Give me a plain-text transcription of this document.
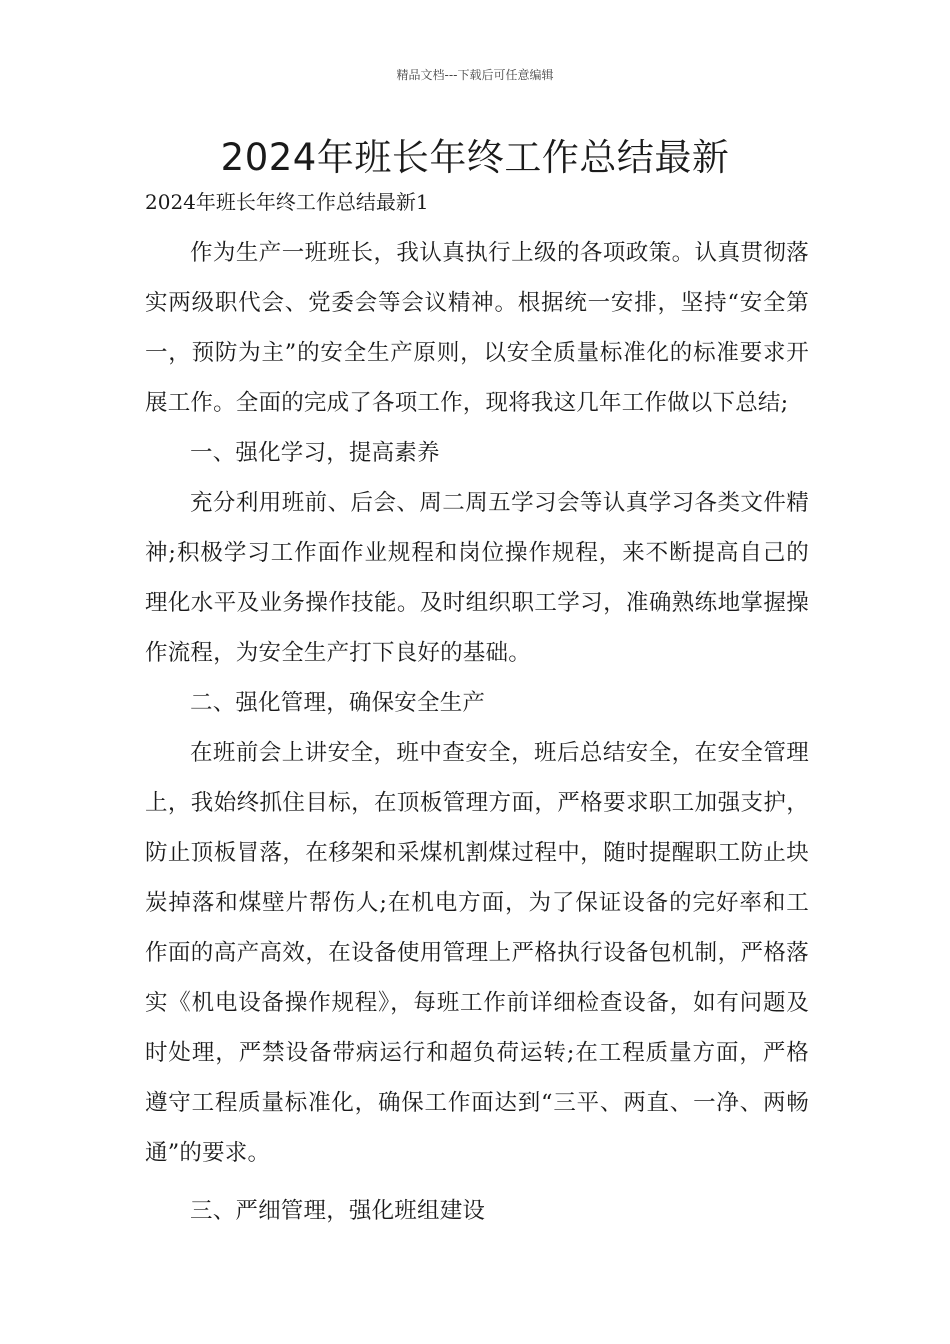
精品文档---下载后可任意编辑
2024年班长年终工作总结最新

2024年班长年终工作总结最新1

作为生产一班班长，我认真执行上级的各项政策。认真贯彻落实两级职代会、党委会等会议精神。根据统一安排，坚持“安全第一，预防为主”的安全生产原则，以安全质量标准化的标准要求开展工作。全面的完成了各项工作，现将我这几年工作做以下总结;

一、强化学习，提高素养

充分利用班前、后会、周二周五学习会等认真学习各类文件精神;积极学习工作面作业规程和岗位操作规程，来不断提高自己的理化水平及业务操作技能。及时组织职工学习，准确熟练地掌握操作流程，为安全生产打下良好的基础。

二、强化管理，确保安全生产

在班前会上讲安全，班中查安全，班后总结安全，在安全管理上，我始终抓住目标，在顶板管理方面，严格要求职工加强支护，防止顶板冒落，在移架和采煤机割煤过程中，随时提醒职工防止块炭掉落和煤壁片帮伤人;在机电方面，为了保证设备的完好率和工作面的高产高效，在设备使用管理上严格执行设备包机制，严格落实《机电设备操作规程》，每班工作前详细检查设备，如有问题及时处理，严禁设备带病运行和超负荷运转;在工程质量方面，严格遵守工程质量标准化，确保工作面达到“三平、两直、一净、两畅通”的要求。

三、严细管理，强化班组建设
